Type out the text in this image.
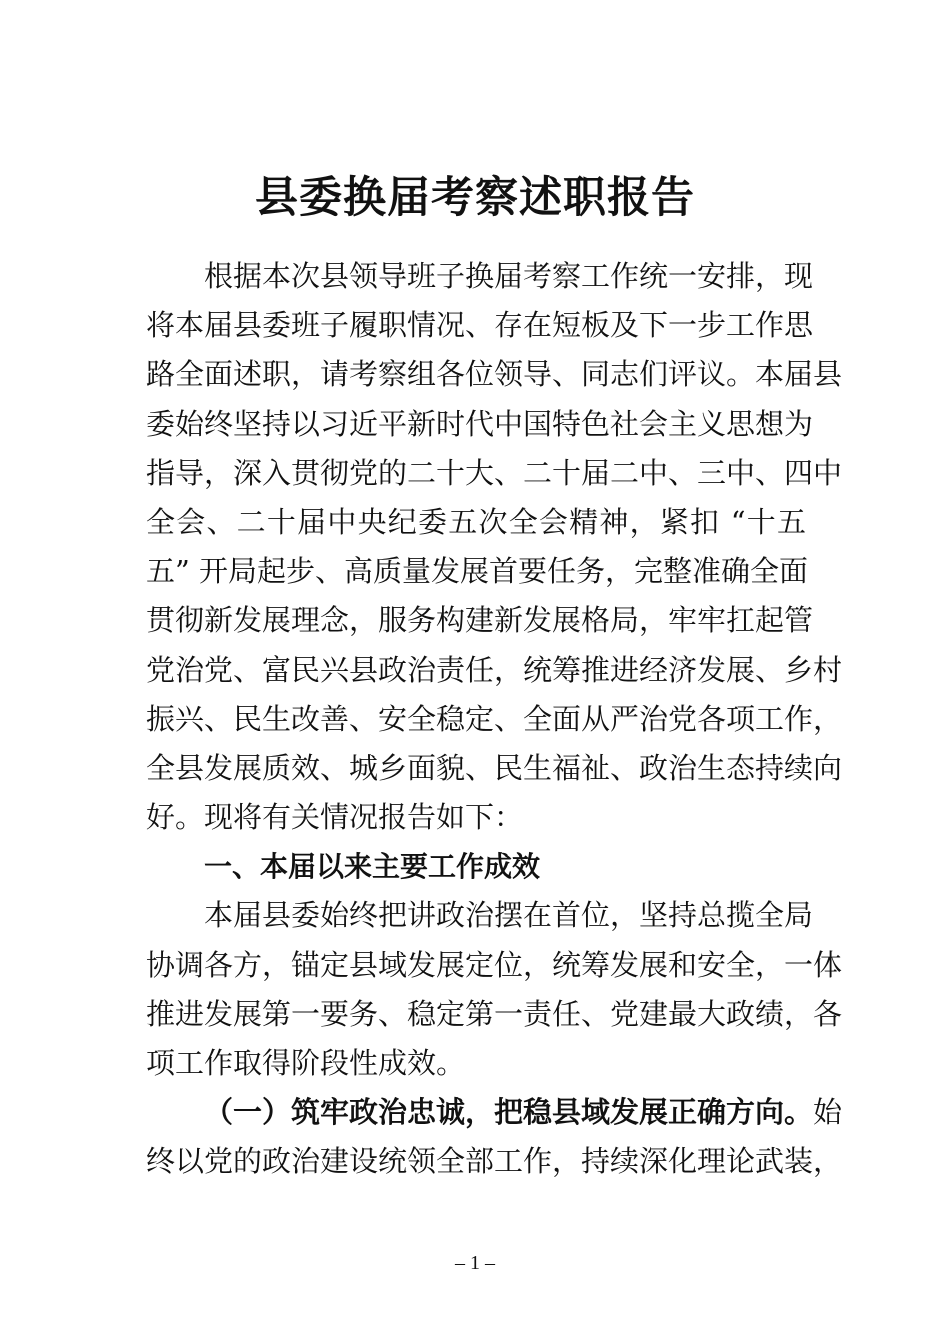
县委换届考察述职报告

根据本次县领导班子换届考察工作统一安排，现

将本届县委班子履职情况、存在短板及下一步工作思

路全面述职，请考察组各位领导、同志们评议。本届县

委始终坚持以习近平新时代中国特色社会主义思想为

指导，深入贯彻党的二十大、二十届二中、三中、四中

全会、二十届中央纪委五次全会精神，紧扣 “十五

五” 开局起步、高质量发展首要任务，完整准确全面

贯彻新发展理念，服务构建新发展格局，牢牢扛起管

党治党、富民兴县政治责任，统筹推进经济发展、乡村

振兴、民生改善、安全稳定、全面从严治党各项工作，

全县发展质效、城乡面貌、民生福祉、政治生态持续向

好。现将有关情况报告如下：

一、本届以来主要工作成效

本届县委始终把讲政治摆在首位，坚持总揽全局

协调各方，锚定县域发展定位，统筹发展和安全，一体

推进发展第一要务、稳定第一责任、党建最大政绩，各

项工作取得阶段性成效。

（一）筑牢政治忠诚，把稳县域发展正确方向。始

终以党的政治建设统领全部工作，持续深化理论武装，

– 1 –
